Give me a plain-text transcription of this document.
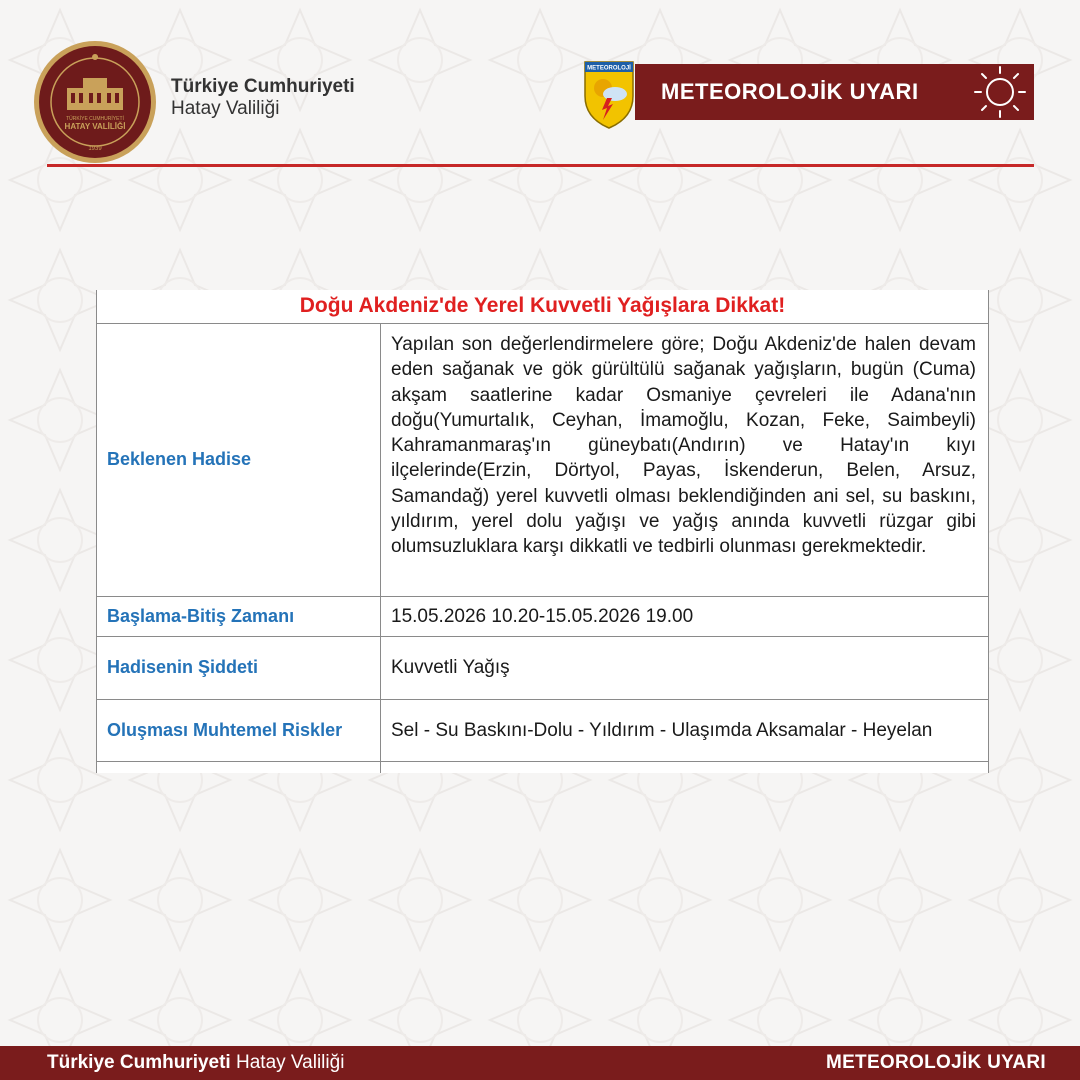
TÜRKİYE CUMHURİYETİ
HATAY VALİLİĞİ
1939
Türkiye Cumhuriyeti
Hatay Valiliği
METEOROLOJİ
METEOROLOJİK UYARI
Doğu Akdeniz'de Yerel Kuvvetli Yağışlara Dikkat!
Beklenen Hadise
Yapılan son değerlendirmelere göre; Doğu Akdeniz'de halen devam eden sağanak ve gök gürültülü sağanak yağışların, bugün (Cuma) akşam saatlerine kadar Osmaniye çevreleri ile Adana'nın doğu(Yumurtalık, Ceyhan, İmamoğlu, Kozan, Feke, Saimbeyli) Kahramanmaraş'ın güneybatı(Andırın) ve Hatay'ın kıyı ilçelerinde(Erzin, Dörtyol, Payas, İskenderun, Belen, Arsuz, Samandağ) yerel kuvvetli olması beklendiğinden ani sel, su baskını, yıldırım, yerel dolu yağışı ve yağış anında kuvvetli rüzgar gibi olumsuzluklara karşı dikkatli ve tedbirli olunması gerekmektedir.
Başlama-Bitiş Zamanı	15.05.2026 10.20-15.05.2026 19.00
Hadisenin Şiddeti	Kuvvetli Yağış
Oluşması Muhtemel Riskler	Sel - Su Baskını-Dolu - Yıldırım - Ulaşımda Aksamalar - Heyelan
Türkiye Cumhuriyeti Hatay Valiliği	METEOROLOJİK UYARI
